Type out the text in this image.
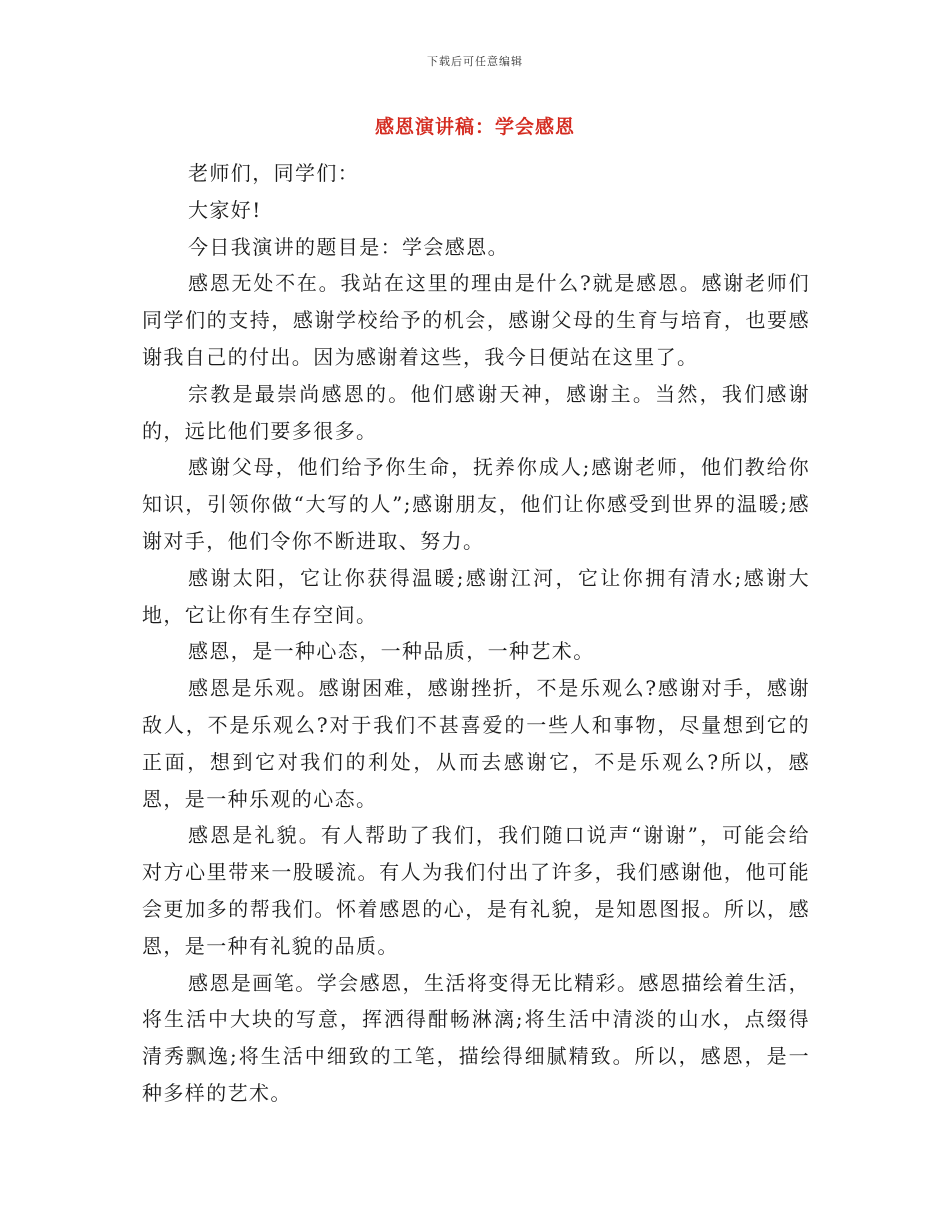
下载后可任意编辑
感恩演讲稿：学会感恩

老师们，同学们：

大家好!

今日我演讲的题目是：学会感恩。

感恩无处不在。我站在这里的理由是什么?就是感恩。感谢老师们同学们的支持，感谢学校给予的机会，感谢父母的生育与培育，也要感谢我自己的付出。因为感谢着这些，我今日便站在这里了。

宗教是最崇尚感恩的。他们感谢天神，感谢主。当然，我们感谢的，远比他们要多很多。

感谢父母，他们给予你生命，抚养你成人;感谢老师，他们教给你知识，引领你做“大写的人”;感谢朋友，他们让你感受到世界的温暖;感谢对手，他们令你不断进取、努力。

感谢太阳，它让你获得温暖;感谢江河，它让你拥有清水;感谢大地，它让你有生存空间。

感恩，是一种心态，一种品质，一种艺术。

感恩是乐观。感谢困难，感谢挫折，不是乐观么?感谢对手，感谢敌人，不是乐观么?对于我们不甚喜爱的一些人和事物，尽量想到它的正面，想到它对我们的利处，从而去感谢它，不是乐观么?所以，感恩，是一种乐观的心态。

感恩是礼貌。有人帮助了我们，我们随口说声“谢谢”，可能会给对方心里带来一股暖流。有人为我们付出了许多，我们感谢他，他可能会更加多的帮我们。怀着感恩的心，是有礼貌，是知恩图报。所以，感恩，是一种有礼貌的品质。

感恩是画笔。学会感恩，生活将变得无比精彩。感恩描绘着生活，将生活中大块的写意，挥洒得酣畅淋漓;将生活中清淡的山水，点缀得清秀飘逸;将生活中细致的工笔，描绘得细腻精致。所以，感恩，是一种多样的艺术。
